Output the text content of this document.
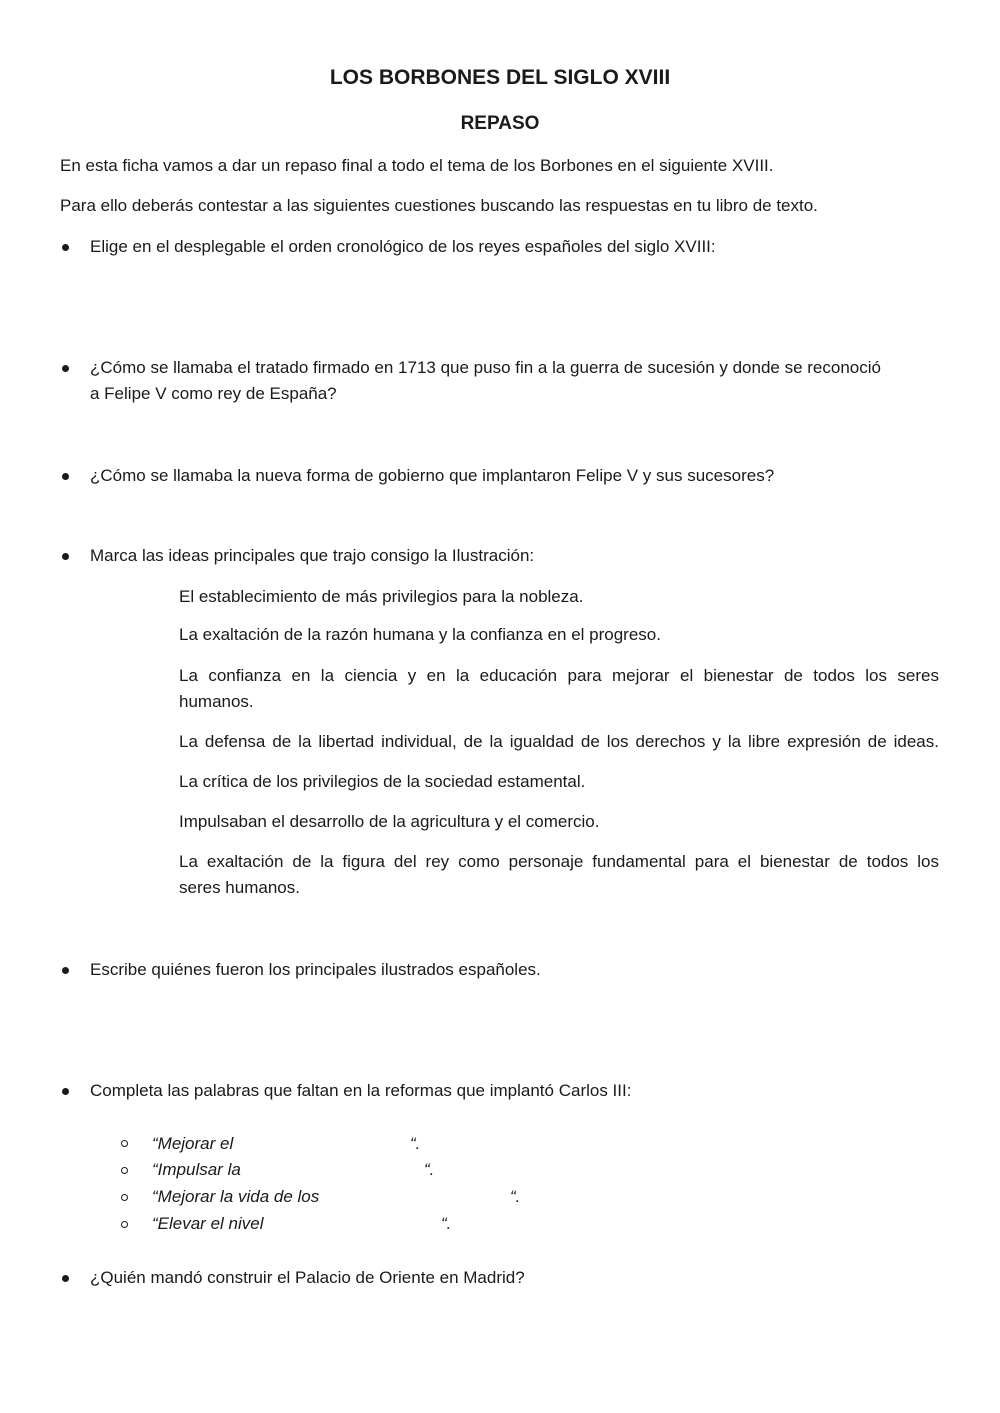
LOS BORBONES DEL SIGLO XVIII
REPASO
En esta ficha vamos a dar un repaso final a todo el tema de los Borbones en el siguiente XVIII.
Para ello deberás contestar a las siguientes cuestiones buscando las respuestas en tu libro de texto.
Elige en el desplegable el orden cronológico de los reyes españoles del siglo XVIII:
¿Cómo se llamaba el tratado firmado en 1713 que puso fin a la guerra de sucesión y donde se reconoció
a Felipe V como rey de España?
¿Cómo se llamaba la nueva forma de gobierno que implantaron Felipe V y sus sucesores?
Marca las ideas principales que trajo consigo la Ilustración:
El establecimiento de más privilegios para la nobleza.
La exaltación de la razón humana y la confianza en el progreso.
La confianza en la ciencia y en la educación para mejorar el bienestar de todos los seres
humanos.
La defensa de la libertad individual, de la igualdad de los derechos y la libre expresión de ideas.
La crítica de los privilegios de la sociedad estamental.
Impulsaban el desarrollo de la agricultura y el comercio.
La exaltación de la figura del rey como personaje fundamental para el bienestar de todos los
seres humanos.
Escribe quiénes fueron los principales ilustrados españoles.
Completa las palabras que faltan en la reformas que implantó Carlos III:
“Mejorar el	“.
“Impulsar la	“.
“Mejorar la vida de los	“.
“Elevar el nivel	“.
¿Quién mandó construir el Palacio de Oriente en Madrid?
